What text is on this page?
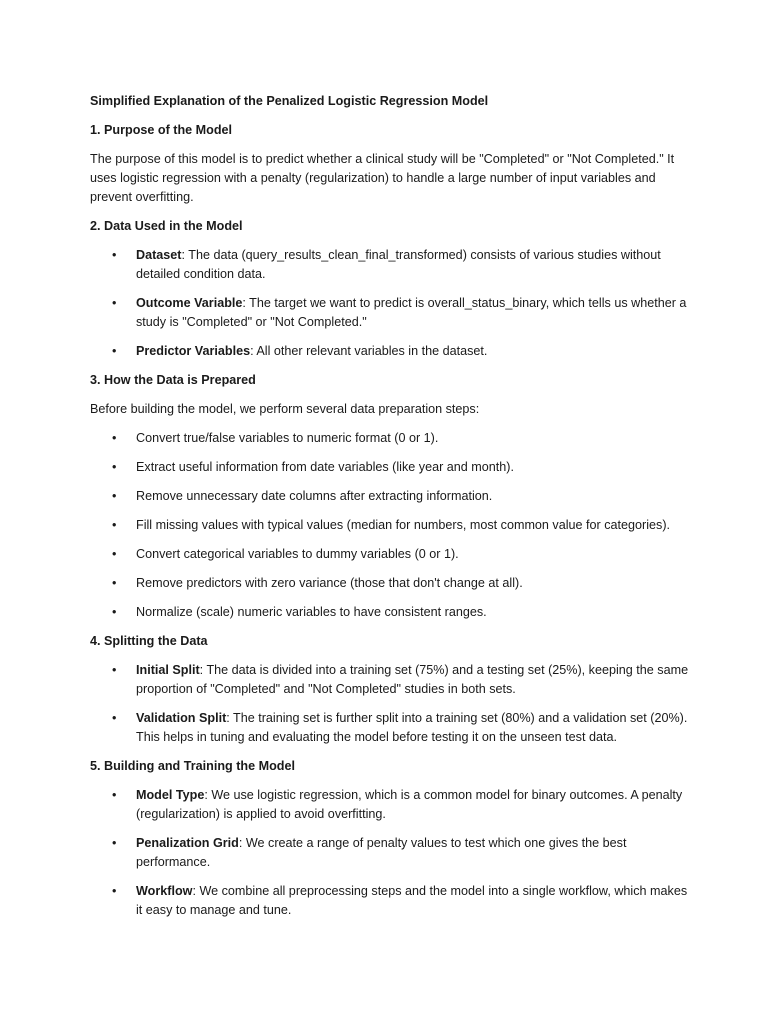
Simplified Explanation of the Penalized Logistic Regression Model

1. Purpose of the Model

The purpose of this model is to predict whether a clinical study will be "Completed" or "Not Completed." It uses logistic regression with a penalty (regularization) to handle a large number of input variables and prevent overfitting.

2. Data Used in the Model

• Dataset: The data (query_results_clean_final_transformed) consists of various studies without detailed condition data.
• Outcome Variable: The target we want to predict is overall_status_binary, which tells us whether a study is "Completed" or "Not Completed."
• Predictor Variables: All other relevant variables in the dataset.

3. How the Data is Prepared

Before building the model, we perform several data preparation steps:

• Convert true/false variables to numeric format (0 or 1).
• Extract useful information from date variables (like year and month).
• Remove unnecessary date columns after extracting information.
• Fill missing values with typical values (median for numbers, most common value for categories).
• Convert categorical variables to dummy variables (0 or 1).
• Remove predictors with zero variance (those that don't change at all).
• Normalize (scale) numeric variables to have consistent ranges.

4. Splitting the Data

• Initial Split: The data is divided into a training set (75%) and a testing set (25%), keeping the same proportion of "Completed" and "Not Completed" studies in both sets.
• Validation Split: The training set is further split into a training set (80%) and a validation set (20%). This helps in tuning and evaluating the model before testing it on the unseen test data.

5. Building and Training the Model

• Model Type: We use logistic regression, which is a common model for binary outcomes. A penalty (regularization) is applied to avoid overfitting.
• Penalization Grid: We create a range of penalty values to test which one gives the best performance.
• Workflow: We combine all preprocessing steps and the model into a single workflow, which makes it easy to manage and tune.
